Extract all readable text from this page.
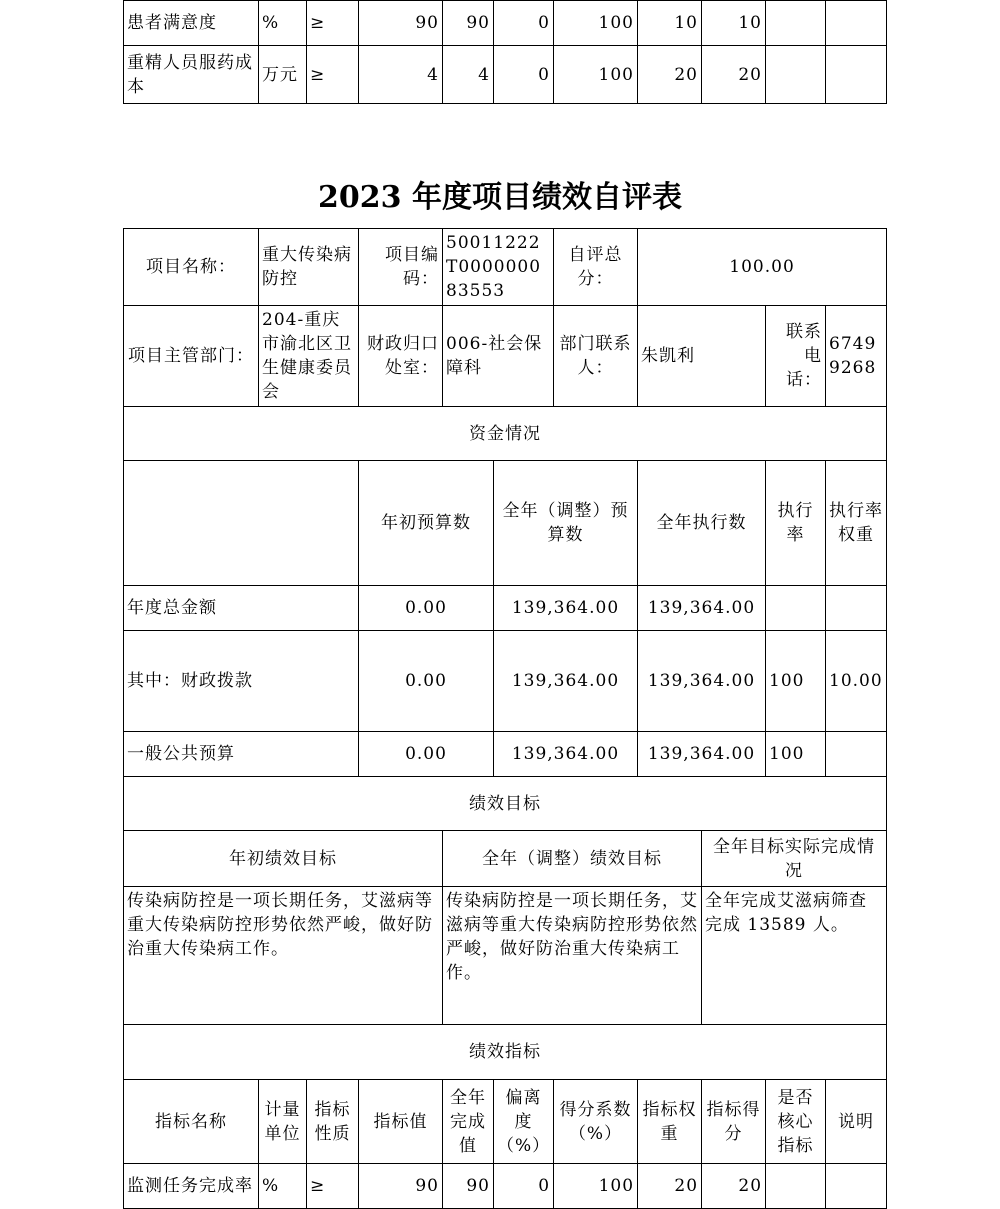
患者满意度	%	≥	90	90	0	100	10	10		
重精人员服药成本	万元	≥	4	4	0	100	20	20		
2023 年度项目绩效自评表
项目名称：	重大传染病防控		项目编码：	50011222T000000083553		自评总分：	100.00				
项目主管部门：	204-重庆市渝北区卫生健康委员会		财政归口处室：	006-社会保障科		部门联系人：	朱凯利		联系电话：	67499268	
资金情况											
			年初预算数		全年（调整）预算数		全年执行数		执行率	执行率权重	
年度总金额			0.00		139,364.00		139,364.00				
其中：财政拨款			0.00		139,364.00		139,364.00		100	10.00	
一般公共预算			0.00		139,364.00		139,364.00		100		
绩效目标											
年初绩效目标				全年（调整）绩效目标				全年目标实际完成情况			
传染病防控是一项长期任务，艾滋病等重大传染病防控形势依然严峻，做好防治重大传染病工作。				传染病防控是一项长期任务，艾滋病等重大传染病防控形势依然严峻，做好防治重大传染病工作。				全年完成艾滋病筛查完成 13589 人。			
绩效指标											
指标名称	计量单位	指标性质	指标值	全年完成值	偏离度（%）	得分系数（%）	指标权重	指标得分	是否核心指标	说明	
监测任务完成率	%	≥	90	90	0	100	20	20			
